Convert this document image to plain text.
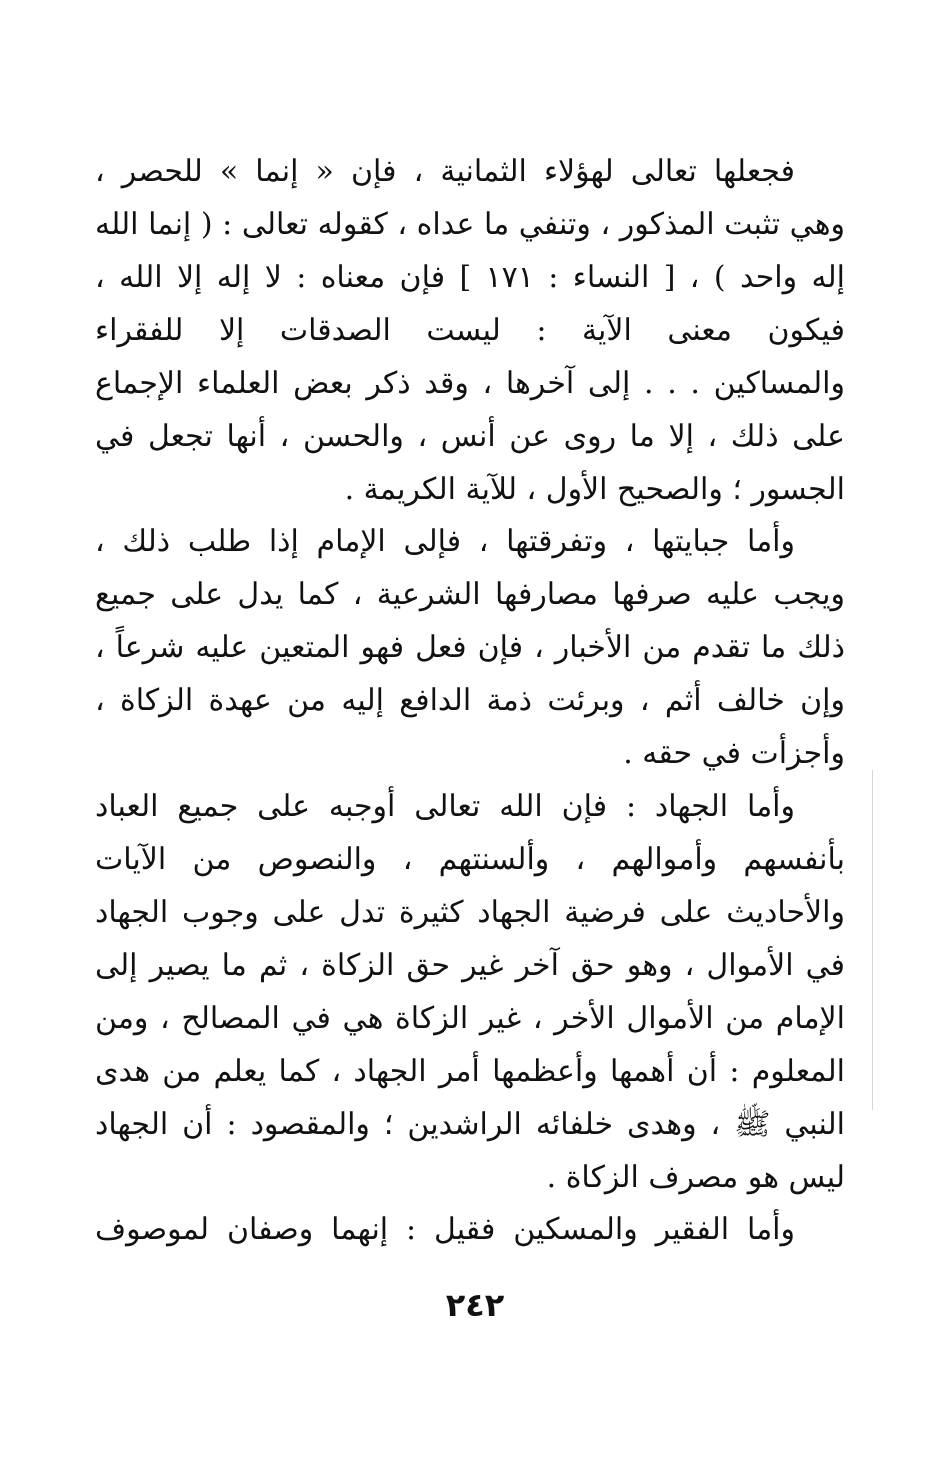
فجعلها تعالى لهؤلاء الثمانية ، فإن « إنما » للحصر ،
وهي تثبت المذكور ، وتنفي ما عداه ، كقوله تعالى : ( إنما الله
إله واحد ) ، [ النساء : ١٧١ ] فإن معناه : لا إله إلا الله ،
فيكون معنى الآية : ليست الصدقات إلا للفقراء
والمساكين . . . إلى آخرها ، وقد ذكر بعض العلماء الإجماع
على ذلك ، إلا ما روى عن أنس ، والحسن ، أنها تجعل في
الجسور ؛ والصحيح الأول ، للآية الكريمة .
وأما جبايتها ، وتفرقتها ، فإلى الإمام إذا طلب ذلك ،
ويجب عليه صرفها مصارفها الشرعية ، كما يدل على جميع
ذلك ما تقدم من الأخبار ، فإن فعل فهو المتعين عليه شرعاً ،
وإن خالف أثم ، وبرئت ذمة الدافع إليه من عهدة الزكاة ،
وأجزأت في حقه .
وأما الجهاد : فإن الله تعالى أوجبه على جميع العباد
بأنفسهم وأموالهم ، وألسنتهم ، والنصوص من الآيات
والأحاديث على فرضية الجهاد كثيرة تدل على وجوب الجهاد
في الأموال ، وهو حق آخر غير حق الزكاة ، ثم ما يصير إلى
الإمام من الأموال الأخر ، غير الزكاة هي في المصالح ، ومن
المعلوم : أن أهمها وأعظمها أمر الجهاد ، كما يعلم من هدى
النبي ﷺ ، وهدى خلفائه الراشدين ؛ والمقصود : أن الجهاد
ليس هو مصرف الزكاة .
وأما الفقير والمسكين فقيل : إنهما وصفان لموصوف
٢٤٢
